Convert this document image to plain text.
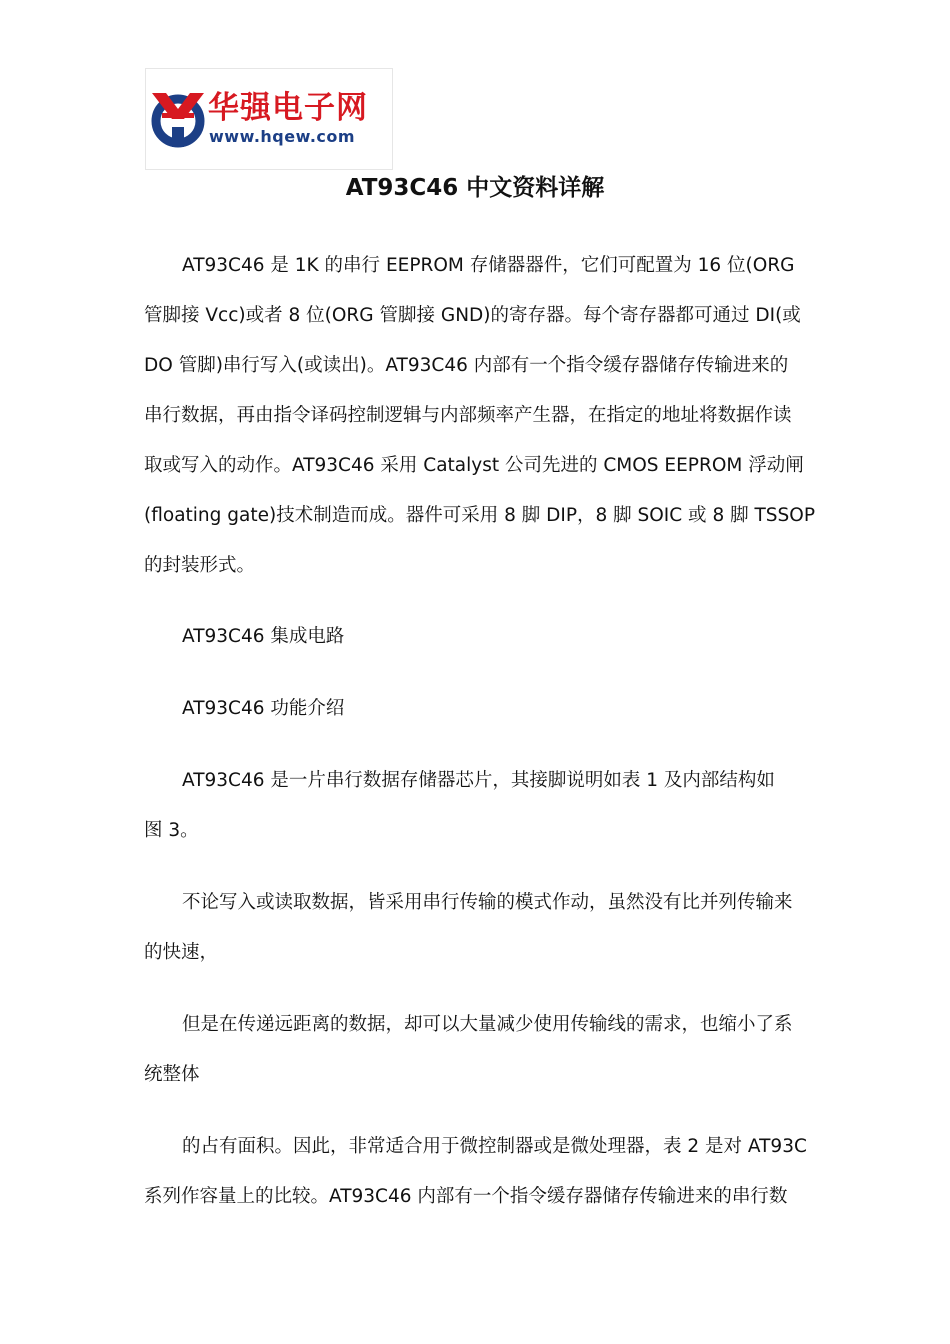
华强电子网
www.hqew.com
AT93C46 中文资料详解

AT93C46 是 1K 的串行 EEPROM 存储器器件，它们可配置为 16 位(ORG
管脚接 Vcc)或者 8 位(ORG 管脚接 GND)的寄存器。每个寄存器都可通过 DI(或
DO 管脚)串行写入(或读出)。AT93C46 内部有一个指令缓存器储存传输进来的
串行数据，再由指令译码控制逻辑与内部频率产生器，在指定的地址将数据作读
取或写入的动作。AT93C46 采用 Catalyst 公司先进的 CMOS EEPROM 浮动闸
(floating gate)技术制造而成。器件可采用 8 脚 DIP，8 脚 SOIC 或 8 脚 TSSOP
的封装形式。

AT93C46 集成电路

AT93C46 功能介绍

AT93C46 是一片串行数据存储器芯片，其接脚说明如表 1 及内部结构如
图 3。

不论写入或读取数据，皆采用串行传输的模式作动，虽然没有比并列传输来
的快速，

但是在传递远距离的数据，却可以大量减少使用传输线的需求，也缩小了系
统整体

的占有面积。因此，非常适合用于微控制器或是微处理器，表 2 是对 AT93C
系列作容量上的比较。AT93C46 内部有一个指令缓存器储存传输进来的串行数
